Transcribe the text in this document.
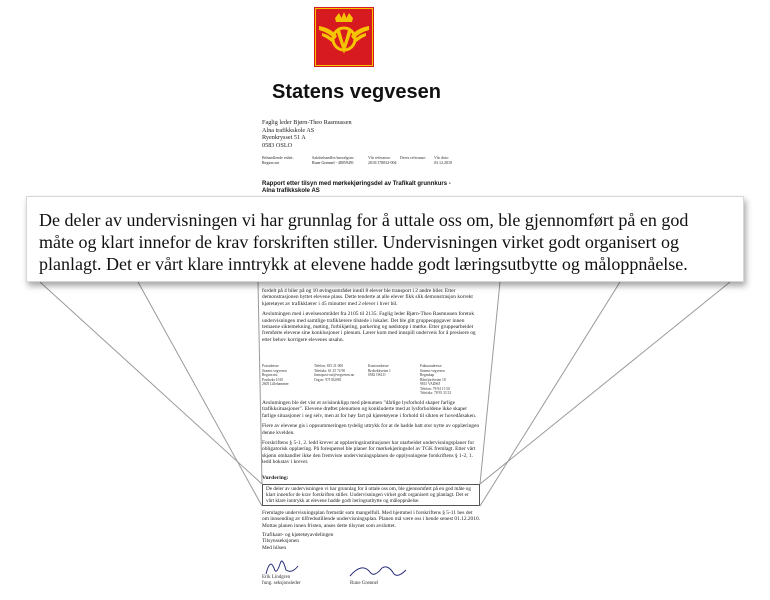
Statens vegvesen
Faglig leder Bjørn-Theo Rasmussen
Alna trafikkskole AS
Ryenkrysset 51 A
0583 OSLO
Behandlende enhet:
Region øst
Saksbehandler/innvalgsnr:
Rune Grønnel - 48059491
Vår referanse:
2010/178032-004
Deres referanse: Vår dato:
03.12.2010
Rapport etter tilsyn med mørkekjøringsdel av Trafikalt grunnkurs -
Alna trafikkskole AS

fordelt på 4 biler på og 10 øvingsområdet inntil 8 elever ble transport i 2 andre biler. Etter demonstrasjonen byttet elevene plass. Dette tenderte at alle elever fikk slik demonstrasjon korrekt kjøretøyet av trafikklærer i 45 minutter med 2 elever i hver bil.

Avslutningen med i øvelsesområdet fra 2105 til 2135. Faglig leder Bjørn-Theo Rasmussen foretok undervisningen med samtlige trafiklærere tilstede i lokalet. Det ble gitt gruppeoppgaver innen temaene siktemekning, møting, forbikjøring, parkering og nødstopp i mørke. Etter gruppearbeidet fremførte elevene sine konklusjoner i plenum. Lærer kom med innspill underveis for å presisere og etter behov korrigere elevenes utsahn.

Postadresse
Statens vegvesen
Region øst
Postboks 1010
2605 Lillehammer
Telefon: 815 21 000
Telefaks: 61 25 74 90
firmapost-ost@vegvesen.no
Org.nr: 971032081
Kontoradresse
Brobekkveien 1
0582 OSLO
Fakturaadresse
Statens vegvesen
Regnskap
Båtsfjordveien 18
9815 VADSØ
Telefon: 78 94 15 50
Telefaks: 78 95 33 52

Avslutningen ble det vist et avisinnklipp med plenumen "dårlige lysforhold skaper farlige trafikksituasjoner". Elevene drøftet plenumen og konkluderte med at lysforholdene ikke skaper farlige situasjoner i seg selv, men at for høy fart på kjøretøyene i forhold til sikten er hovedårsaken.

Flere av elevene gis i oppsummeringen tydelig uttrykk for at de hadde hatt stor nytte av opplæringen denne kvelden.

Forskriftens § 5-1, 2. ledd krever at opplæringsinstitusjoner har utarbeidet undervisningsplaner for obligatorisk opplæring. På forespørsel ble planer for mørkekjøringsdel av TGK fremlagt. Etter vårt skjønn omhandler ikke den fremviste undervisningsplanen de opplysningene forskriftens § 1-2, 1. ledd bokstav i krever.

Vurdering:
De deler av undervisningen vi har grunnlag for å uttale oss om, ble gjennomført på en god måte og klart innenfor de krav forskriften stiller. Undervisningen virket godt organisert og planlagt. Det er vårt klare inntrykk at elevene hadde godt læringsutbytte og måloppnåelse.

Fremlagte undervisningsplan fremstår som mangelfull. Med hjemmel i forskriftens § 5-11 bes det om innsending av tilfredsstillende undervisningsplan. Planen må være oss i hende senest 01.12.2010. Mottas planen innen fristen, anses dette tilsynet som avsluttet.

Trafikant- og kjøretøyavdelingen
Tilsynsseksjonen
Med hilsen
Erik Lindgren
fung. seksjonsleder	Rune Grønnel
De deler av undervisningen vi har grunnlag for å uttale oss om, ble gjennomført på en god
måte og klart innefor de krav forskriften stiller. Undervisningen virket godt organisert og
planlagt. Det er vårt klare inntrykk at elevene hadde godt læringsutbytte og måloppnåelse.
